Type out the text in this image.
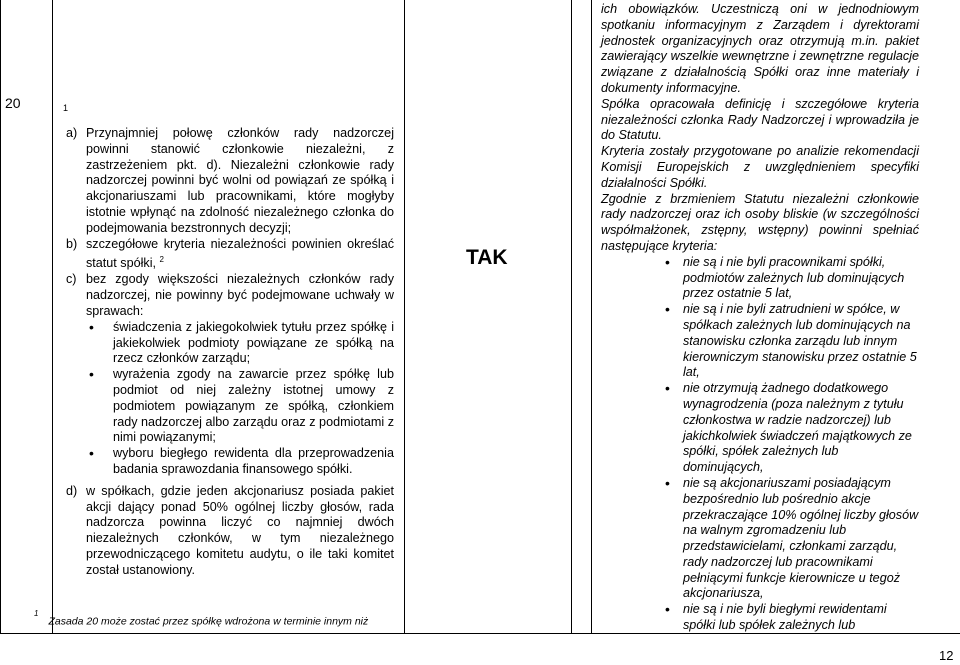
20	1

a) Przynajmniej połowę członków rady nadzorczej powinni stanowić członkowie niezależni, z zastrzeżeniem pkt. d). Niezależni członkowie rady nadzorczej powinni być wolni od powiązań ze spółką i akcjonariuszami lub pracownikami, które mogłyby istotnie wpłynąć na zdolność niezależnego członka do podejmowania bezstronnych decyzji;

b) szczegółowe kryteria niezależności powinien określać statut spółki, $^2$

c) bez zgody większości niezależnych członków rady nadzorczej, nie powinny być podejmowane uchwały w sprawach:

• świadczenia z jakiegokolwiek tytułu przez spółkę i jakiekolwiek podmioty powiązane ze spółką na rzecz członków zarządu;
• wyrażenia zgody na zawarcie przez spółkę lub podmiot od niej zależny istotnej umowy z podmiotem powiązanym ze spółką, członkiem rady nadzorczej albo zarządu oraz z podmiotami z nimi powiązanymi;
• wyboru biegłego rewidenta dla przeprowadzenia badania sprawozdania finansowego spółki.

d) w spółkach, gdzie jeden akcjonariusz posiada pakiet akcji dający ponad 50% ogólnej liczby głosów, rada nadzorcza powinna liczyć co najmniej dwóch niezależnych członków, w tym niezależnego przewodniczącego komitetu audytu, o ile taki komitet został ustanowiony.

$^1$Zasada 20 może zostać przez spółkę wdrożona w terminie innym niż
TAK

ich obowiązków. Uczestniczą oni w jednodniowym spotkaniu informacyjnym z Zarządem i dyrektorami jednostek organizacyjnych oraz otrzymują m.in. pakiet zawierający wszelkie wewnętrzne i zewnętrzne regulacje związane z działalnością Spółki oraz inne materiały i dokumenty informacyjne.

Spółka opracowała definicję i szczegółowe kryteria niezależności członka Rady Nadzorczej i wprowadziła je do Statutu.

Kryteria zostały przygotowane po analizie rekomendacji Komisji Europejskich z uwzględnieniem specyfiki działalności Spółki.

Zgodnie z brzmieniem Statutu niezależni członkowie rady nadzorczej oraz ich osoby bliskie (w szczególności współmałżonek, zstępny, wstępny) powinni spełniać następujące kryteria:

• nie są i nie byli pracownikami spółki, podmiotów zależnych lub dominujących przez ostatnie 5 lat,
• nie są i nie byli zatrudnieni w spółce, w spółkach zależnych lub dominujących na stanowisku członka zarządu lub innym kierowniczym stanowisku przez ostatnie 5 lat,
• nie otrzymują żadnego dodatkowego wynagrodzenia (poza należnym z tytułu członkostwa w radzie nadzorczej) lub jakichkolwiek świadczeń majątkowych ze spółki, spółek zależnych lub dominujących,
• nie są akcjonariuszami posiadającym bezpośrednio lub pośrednio akcje przekraczające 10% ogólnej liczby głosów na walnym zgromadzeniu lub przedstawicielami, członkami zarządu, rady nadzorczej lub pracownikami pełniącymi funkcje kierownicze u tegoż akcjonariusza,
• nie są i nie byli biegłymi rewidentami spółki lub spółek zależnych lub
12
